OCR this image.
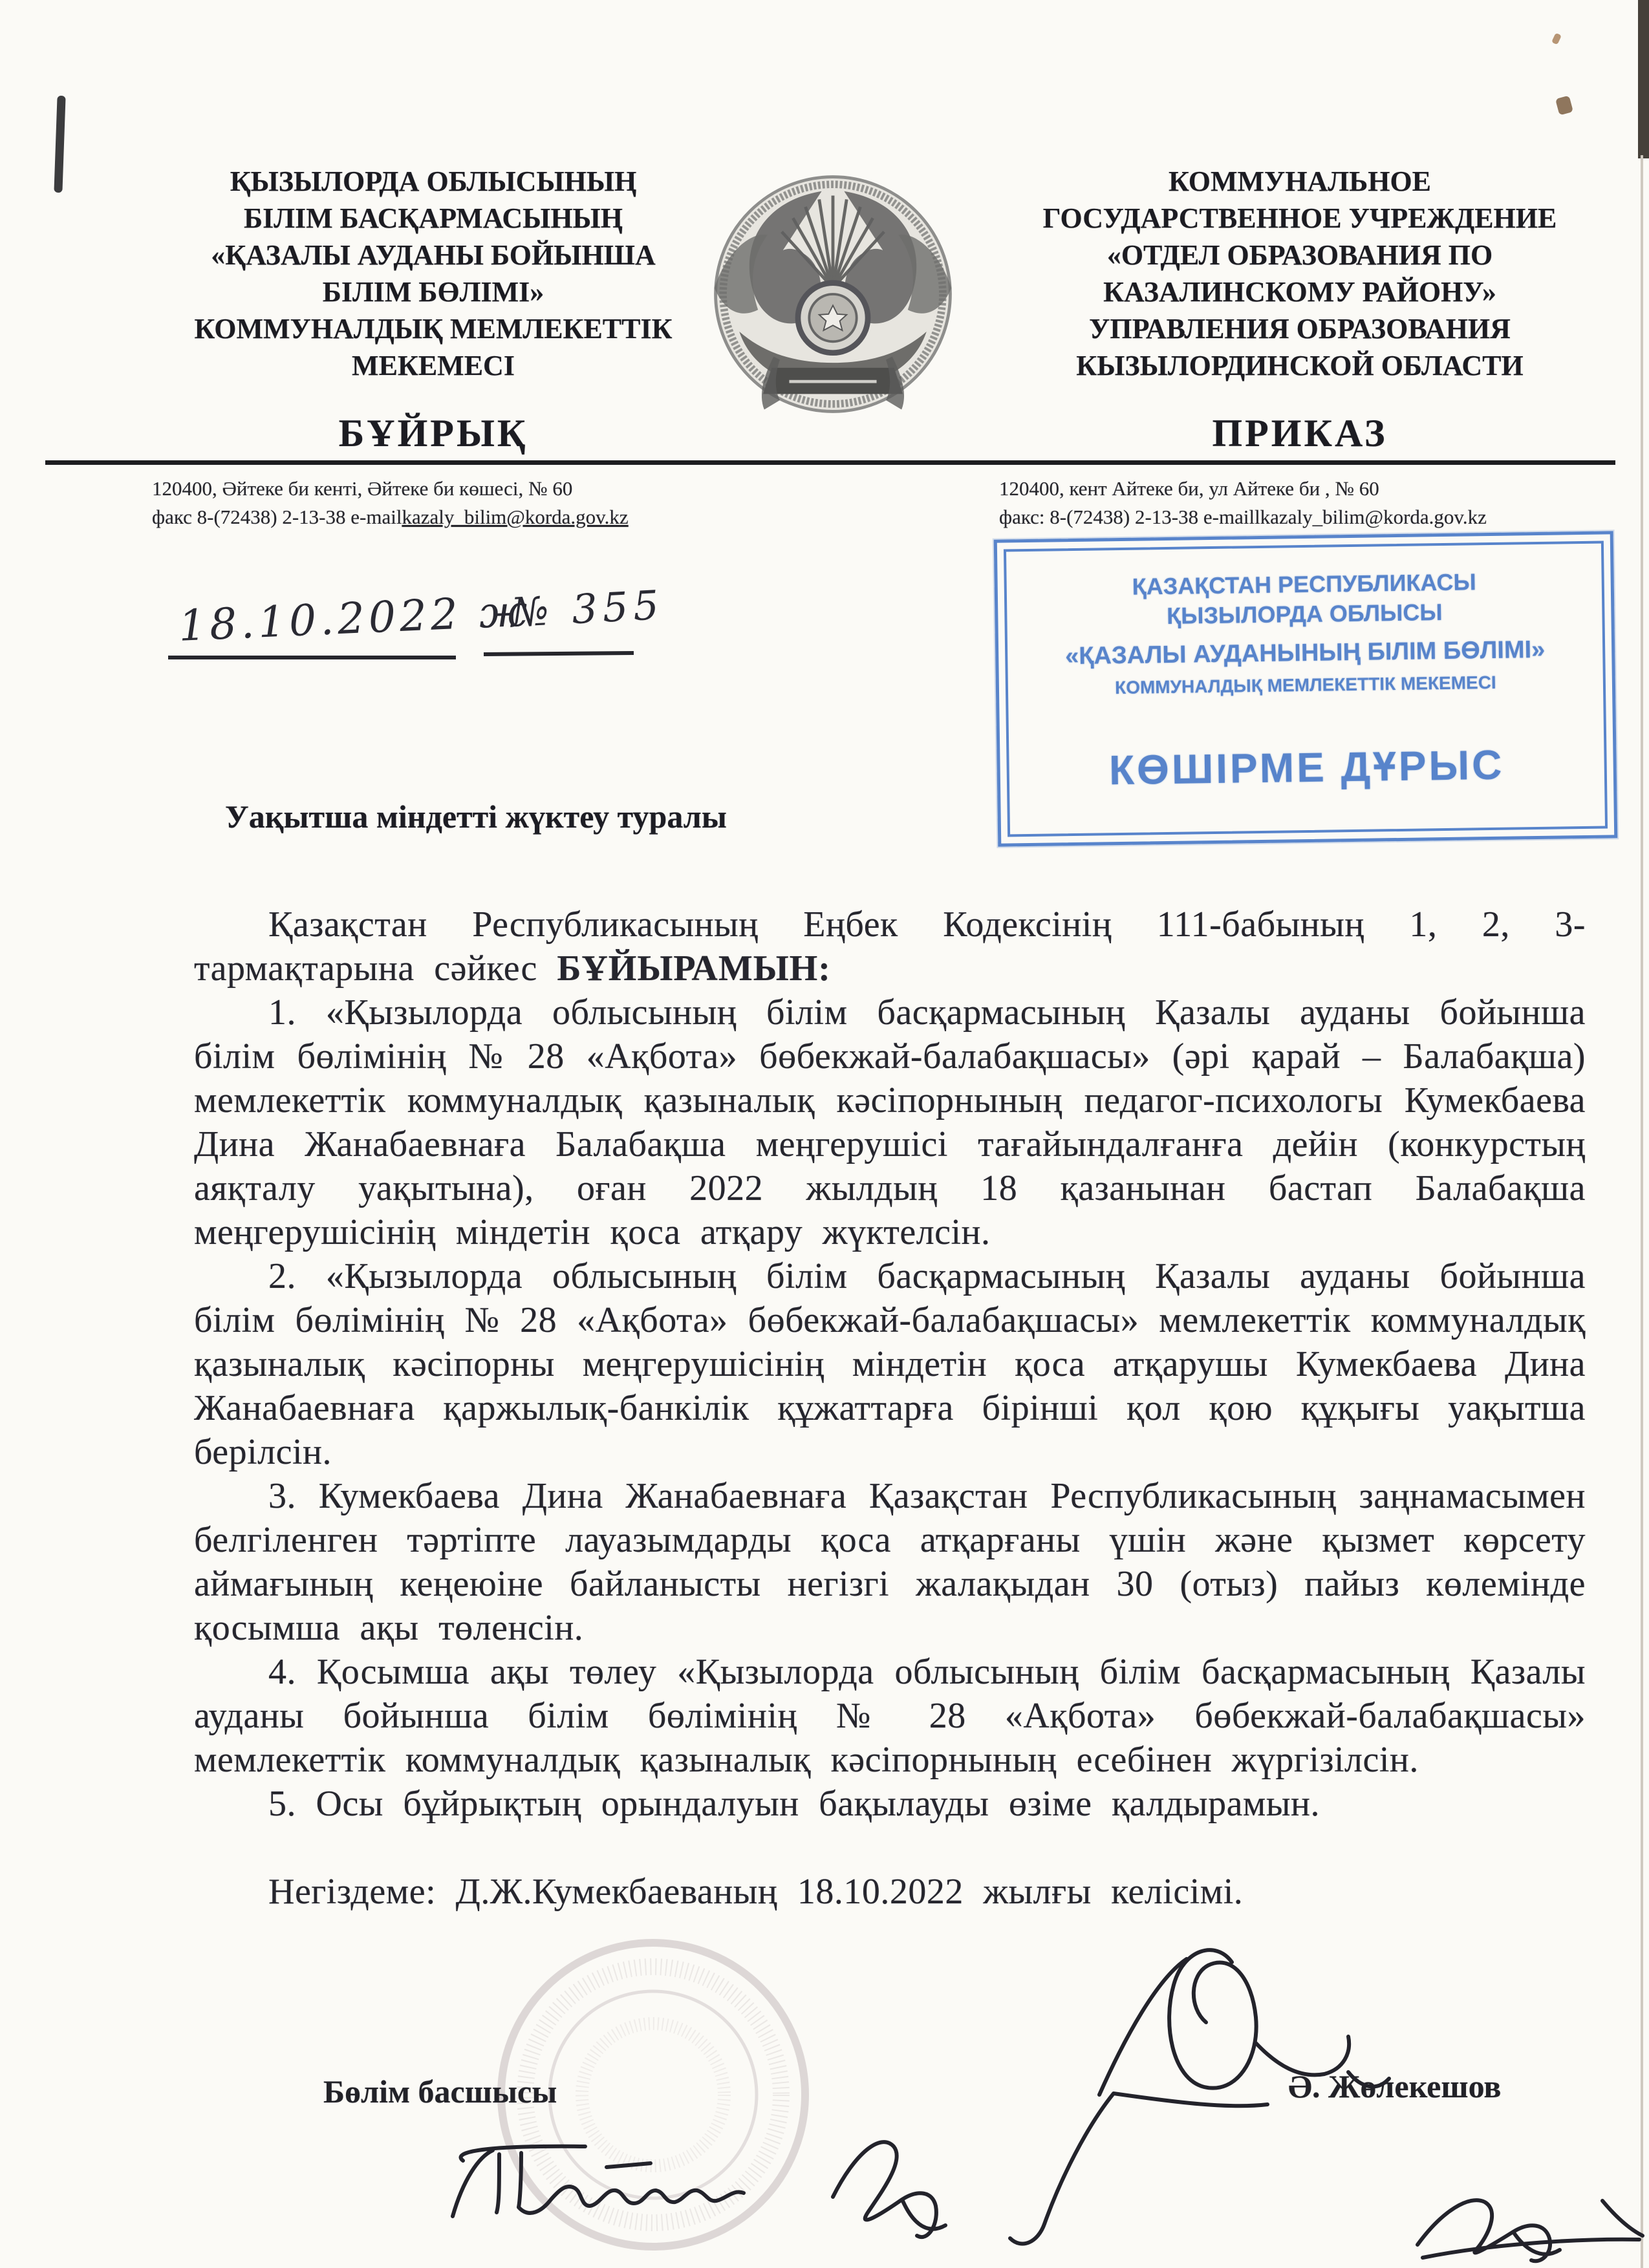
ҚЫЗЫЛОРДА ОБЛЫСЫНЫҢ
БІЛІМ БАСҚАРМАСЫНЫҢ
«ҚАЗАЛЫ АУДАНЫ БОЙЫНША
БІЛІМ БӨЛІМІ»
КОММУНАЛДЫҚ МЕМЛЕКЕТТІК
МЕКЕМЕСІ
БҰЙРЫҚ
КОММУНАЛЬНОЕ
ГОСУДАРСТВЕННОЕ УЧРЕЖДЕНИЕ
«ОТДЕЛ ОБРАЗОВАНИЯ ПО
КАЗАЛИНСКОМУ РАЙОНУ»
УПРАВЛЕНИЯ ОБРАЗОВАНИЯ
КЫЗЫЛОРДИНСКОЙ ОБЛАСТИ
ПРИКАЗ
120400, Әйтеке би кенті, Әйтеке би көшесі, № 60
факс 8-(72438) 2-13-38 e-mailkazaly_bilim@korda.gov.kz
120400, кент Айтеке би, ул Айтеке би , № 60
факс: 8-(72438) 2-13-38 e-maillkazaly_bilim@korda.gov.kz
18.10.2022 ж
№ 355	ҚАЗАҚСТАН РЕСПУБЛИКАСЫ
ҚЫЗЫЛОРДА ОБЛЫСЫ
«ҚАЗАЛЫ АУДАНЫНЫҢ БІЛІМ БӨЛІМІ»
КОММУНАЛДЫҚ МЕМЛЕКЕТТІК МЕКЕМЕСІ
КӨШІРМЕ ДҰРЫС
Уақытша міндетті жүктеу туралы

Қазақстан Республикасының Еңбек Кодексінің 111-бабының 1, 2, 3-тармақтарына сәйкес БҰЙЫРАМЫН:

1. «Қызылорда облысының білім басқармасының Қазалы ауданы бойынша білім бөлімінің № 28 «Ақбота» бөбекжай-балабақшасы» (әрі қарай – Балабақша) мемлекеттік коммуналдық қазыналық кәсіпорнының педагог-психологы Кумекбаева Дина Жанабаевнаға Балабақша меңгерушісі тағайындалғанға дейін (конкурстың аяқталу уақытына), оған 2022 жылдың 18 қазанынан бастап Балабақша меңгерушісінің міндетін қоса атқару жүктелсін.

2. «Қызылорда облысының білім басқармасының Қазалы ауданы бойынша білім бөлімінің № 28 «Ақбота» бөбекжай-балабақшасы» мемлекеттік коммуналдық қазыналық кәсіпорны меңгерушісінің міндетін қоса атқарушы Кумекбаева Дина Жанабаевнаға қаржылық-банкілік құжаттарға бірінші қол қою құқығы уақытша берілсін.

3. Кумекбаева Дина Жанабаевнаға Қазақстан Республикасының заңнамасымен белгіленген тәртіпте лауазымдарды қоса атқарғаны үшін және қызмет көрсету аймағының кеңеюіне байланысты негізгі жалақыдан 30 (отыз) пайыз көлемінде қосымша ақы төленсін.

4. Қосымша ақы төлеу «Қызылорда облысының білім басқармасының Қазалы ауданы бойынша білім бөлімінің № 28 «Ақбота» бөбекжай-балабақшасы» мемлекеттік коммуналдық қазыналық кәсіпорнының есебінен жүргізілсін.

5. Осы бұйрықтың орындалуын бақылауды өзіме қалдырамын.

Негіздеме: Д.Ж.Кумекбаеваның 18.10.2022 жылғы келісімі.

Бөлім басшысы	Ә. Жөлекешов
